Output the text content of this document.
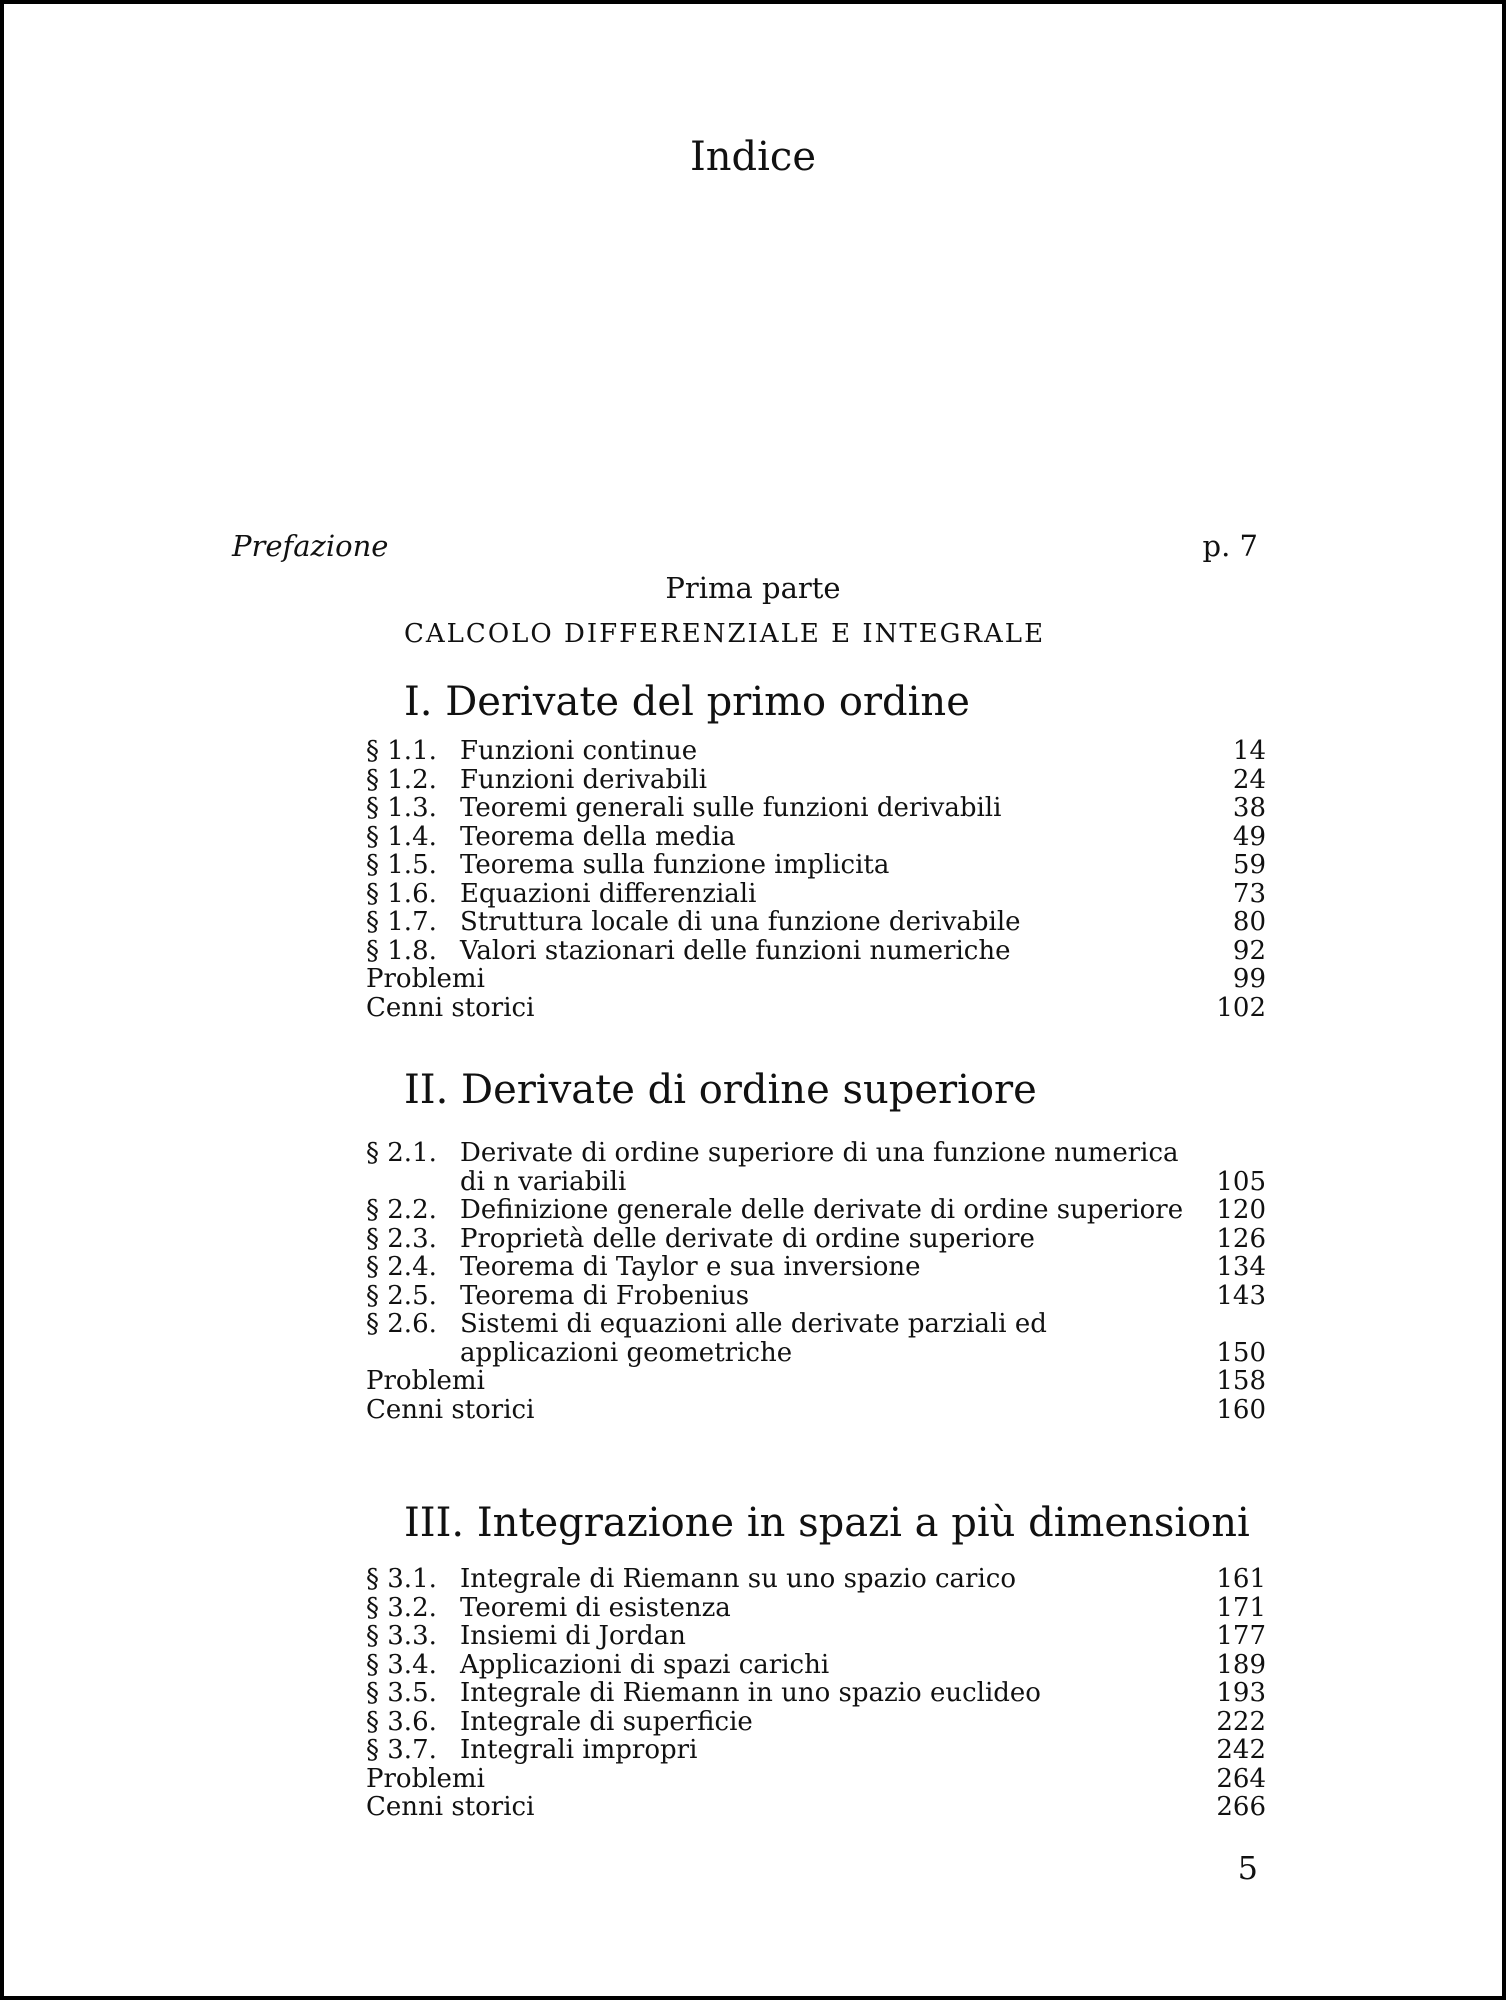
Indice
Prefazione	p. 7
Prima parte
CALCOLO DIFFERENZIALE E INTEGRALE
I. Derivate del primo ordine
§ 1.1. Funzioni continue	14
§ 1.2. Funzioni derivabili	24
§ 1.3. Teoremi generali sulle funzioni derivabili	38
§ 1.4. Teorema della media	49
§ 1.5. Teorema sulla funzione implicita	59
§ 1.6. Equazioni differenziali	73
§ 1.7. Struttura locale di una funzione derivabile	80
§ 1.8. Valori stazionari delle funzioni numeriche	92
Problemi	99
Cenni storici	102
II. Derivate di ordine superiore
§ 2.1. Derivate di ordine superiore di una funzione numerica di n variabili	105
§ 2.2. Definizione generale delle derivate di ordine superiore	120
§ 2.3. Proprietà delle derivate di ordine superiore	126
§ 2.4. Teorema di Taylor e sua inversione	134
§ 2.5. Teorema di Frobenius	143
§ 2.6. Sistemi di equazioni alle derivate parziali ed applicazioni geometriche	150
Problemi	158
Cenni storici	160
III. Integrazione in spazi a più dimensioni
§ 3.1. Integrale di Riemann su uno spazio carico	161
§ 3.2. Teoremi di esistenza	171
§ 3.3. Insiemi di Jordan	177
§ 3.4. Applicazioni di spazi carichi	189
§ 3.5. Integrale di Riemann in uno spazio euclideo	193
§ 3.6. Integrale di superficie	222
§ 3.7. Integrali impropri	242
Problemi	264
Cenni storici	266
5
